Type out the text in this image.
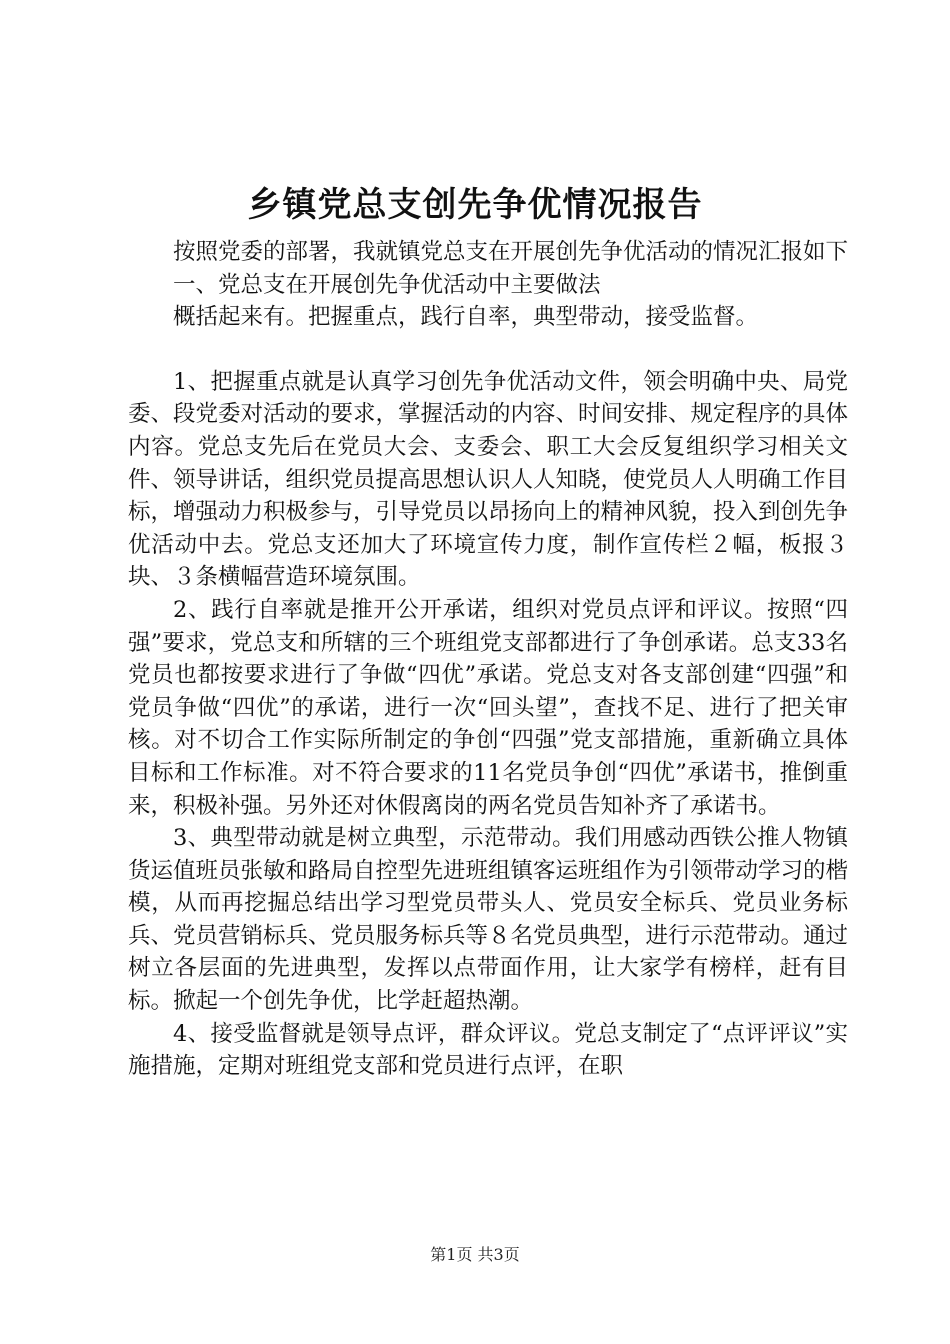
乡镇党总支创先争优情况报告

按照党委的部署，我就镇党总支在开展创先争优活动的情况汇报如下

一、党总支在开展创先争优活动中主要做法

概括起来有。把握重点，践行自率，典型带动，接受监督。

1、把握重点就是认真学习创先争优活动文件，领会明确中央、局党委、段党委对活动的要求，掌握活动的内容、时间安排、规定程序的具体内容。党总支先后在党员大会、支委会、职工大会反复组织学习相关文件、领导讲话，组织党员提高思想认识人人知晓，使党员人人明确工作目标，增强动力积极参与，引导党员以昂扬向上的精神风貌，投入到创先争优活动中去。党总支还加大了环境宣传力度，制作宣传栏２幅，板报３块、３条横幅营造环境氛围。

2、践行自率就是推开公开承诺，组织对党员点评和评议。按照“四强”要求，党总支和所辖的三个班组党支部都进行了争创承诺。总支33名党员也都按要求进行了争做“四优”承诺。党总支对各支部创建“四强”和党员争做“四优”的承诺，进行一次“回头望”，查找不足、进行了把关审核。对不切合工作实际所制定的争创“四强”党支部措施，重新确立具体目标和工作标准。对不符合要求的11名党员争创“四优”承诺书，推倒重来，积极补强。另外还对休假离岗的两名党员告知补齐了承诺书。

3、典型带动就是树立典型，示范带动。我们用感动西铁公推人物镇货运值班员张敏和路局自控型先进班组镇客运班组作为引领带动学习的楷模，从而再挖掘总结出学习型党员带头人、党员安全标兵、党员业务标兵、党员营销标兵、党员服务标兵等８名党员典型，进行示范带动。通过树立各层面的先进典型，发挥以点带面作用，让大家学有榜样，赶有目标。掀起一个创先争优，比学赶超热潮。

4、接受监督就是领导点评，群众评议。党总支制定了“点评评议”实施措施，定期对班组党支部和党员进行点评，在职

第1页 共3页
